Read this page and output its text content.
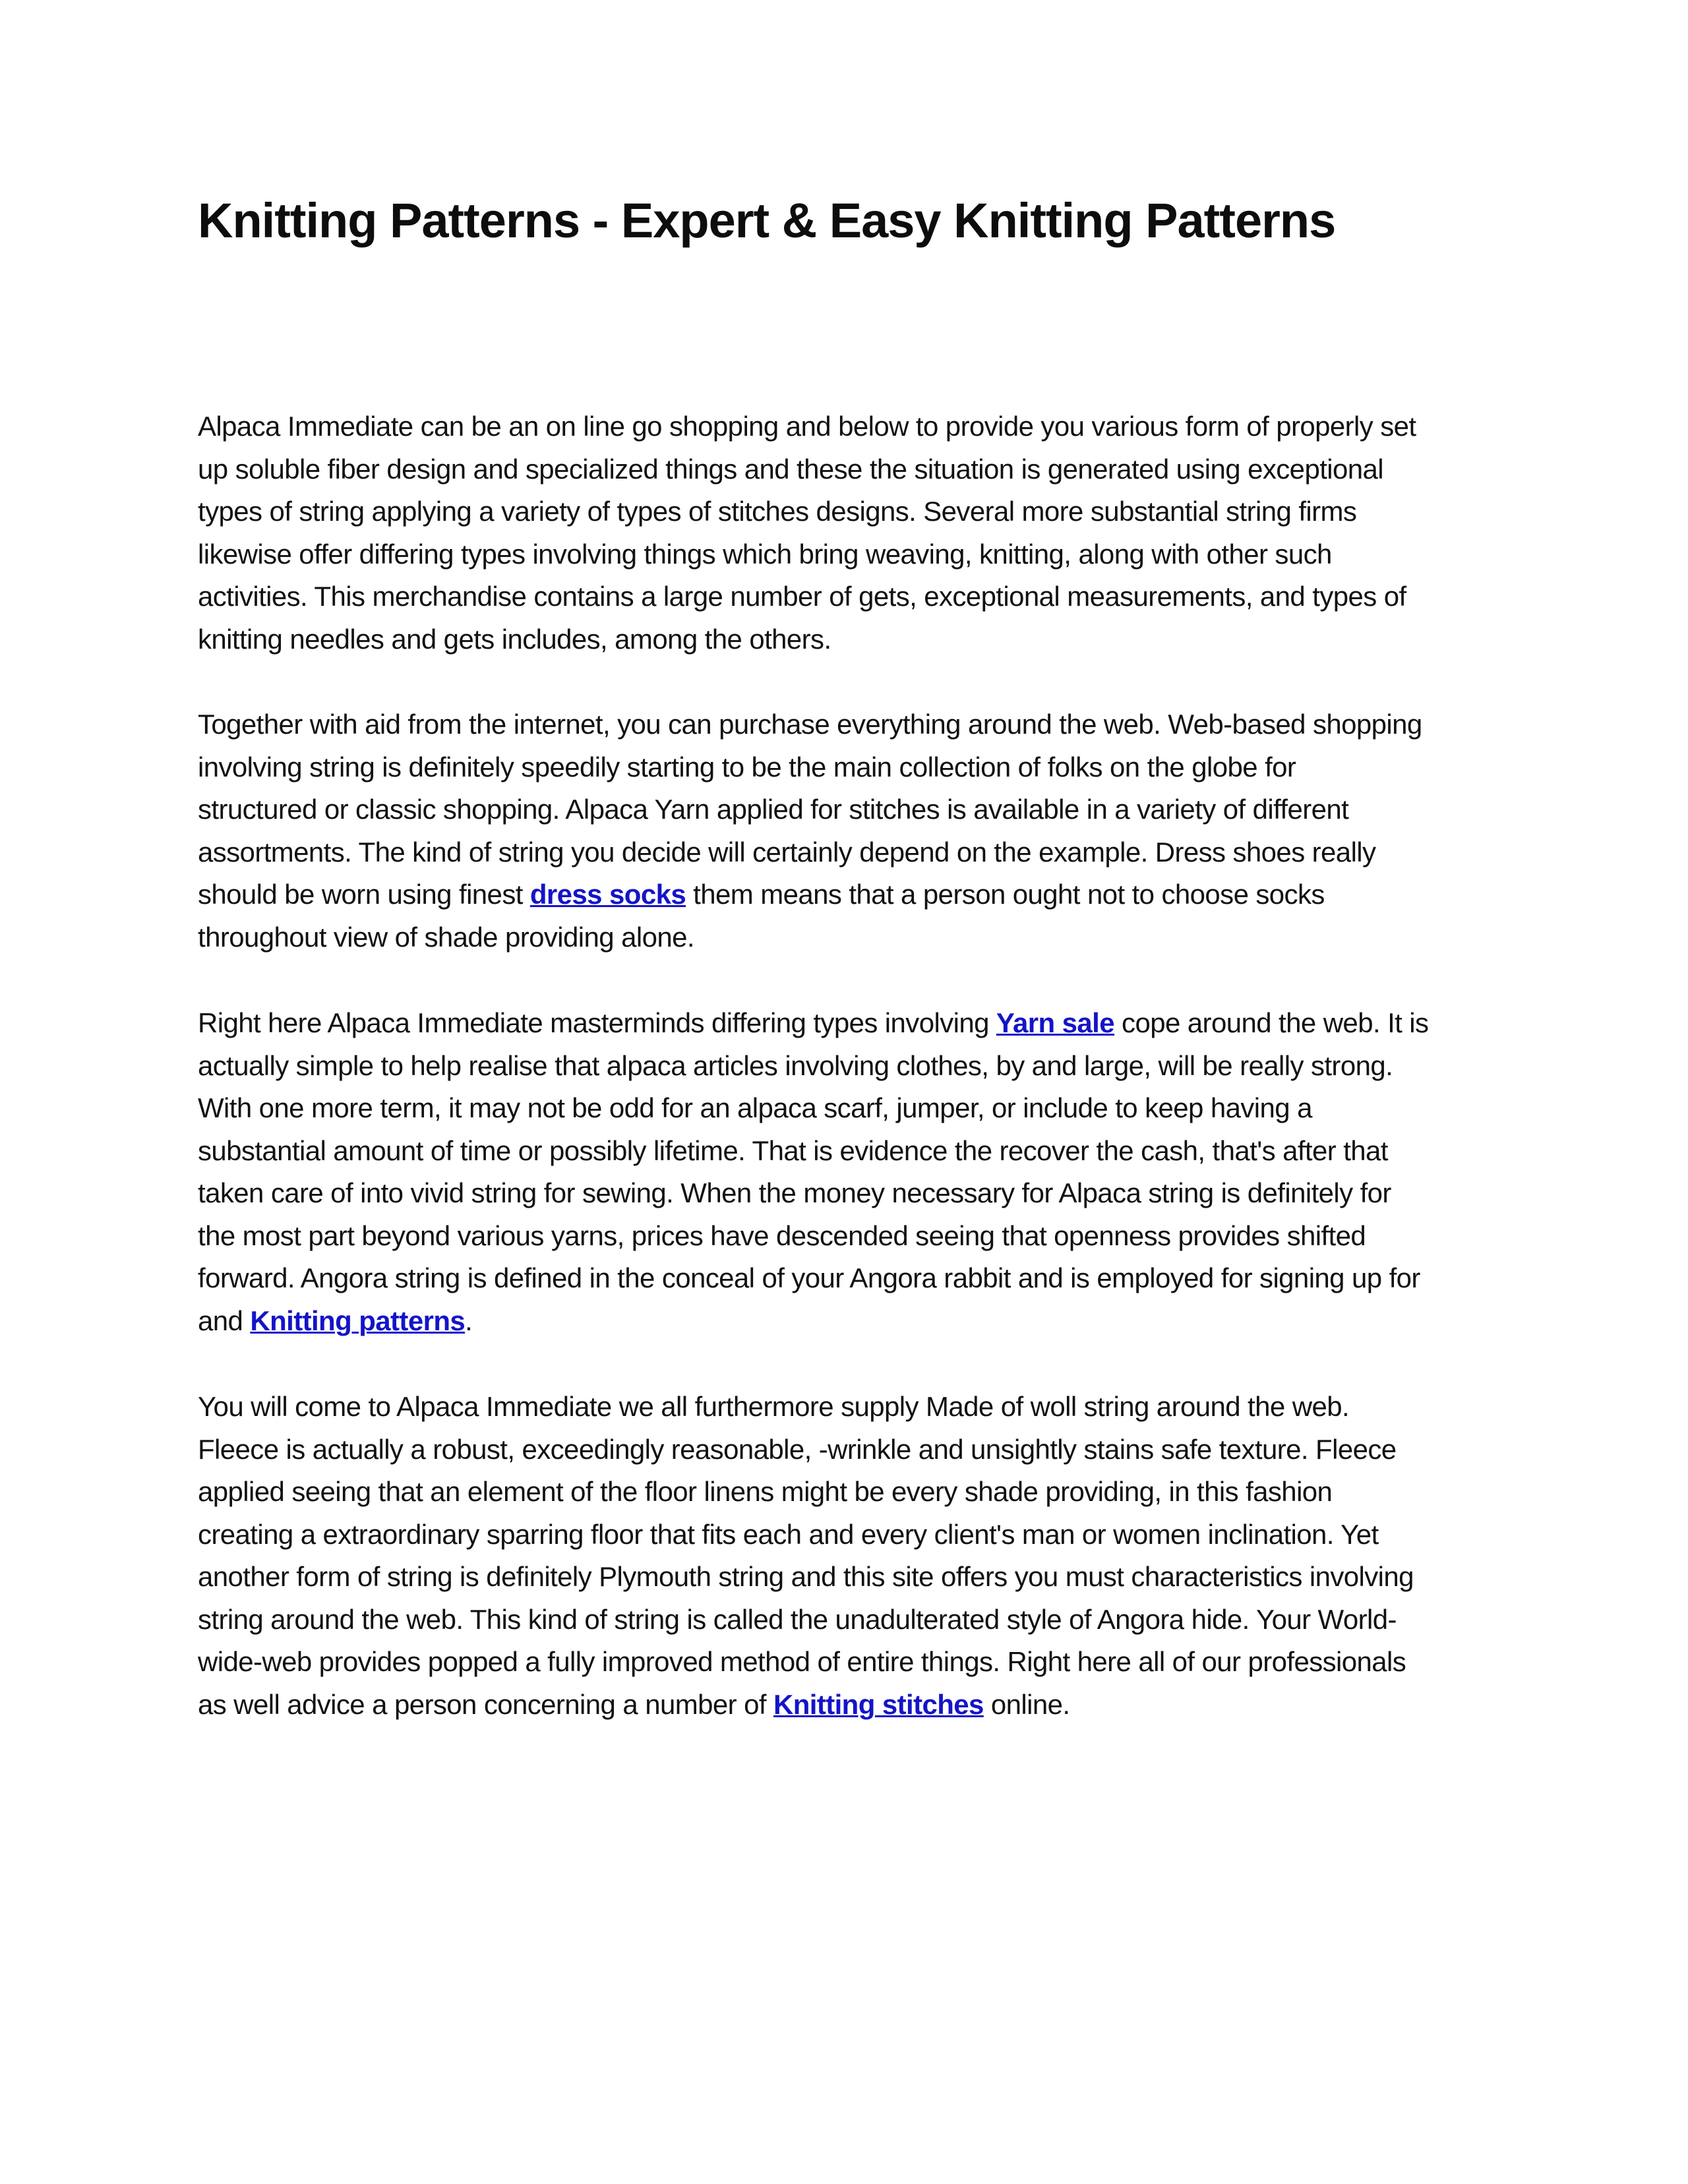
Knitting Patterns - Expert & Easy Knitting Patterns

Alpaca Immediate can be an on line go shopping and below to provide you various form of properly set
up soluble fiber design and specialized things and these the situation is generated using exceptional
types of string applying a variety of types of stitches designs. Several more substantial string firms
likewise offer differing types involving things which bring weaving, knitting, along with other such
activities. This merchandise contains a large number of gets, exceptional measurements, and types of
knitting needles and gets includes, among the others.

Together with aid from the internet, you can purchase everything around the web. Web-based shopping
involving string is definitely speedily starting to be the main collection of folks on the globe for
structured or classic shopping. Alpaca Yarn applied for stitches is available in a variety of different
assortments. The kind of string you decide will certainly depend on the example. Dress shoes really
should be worn using finest dress socks them means that a person ought not to choose socks
throughout view of shade providing alone.

Right here Alpaca Immediate masterminds differing types involving Yarn sale cope around the web. It is
actually simple to help realise that alpaca articles involving clothes, by and large, will be really strong.
With one more term, it may not be odd for an alpaca scarf, jumper, or include to keep having a
substantial amount of time or possibly lifetime. That is evidence the recover the cash, that's after that
taken care of into vivid string for sewing. When the money necessary for Alpaca string is definitely for
the most part beyond various yarns, prices have descended seeing that openness provides shifted
forward. Angora string is defined in the conceal of your Angora rabbit and is employed for signing up for
and Knitting patterns.

You will come to Alpaca Immediate we all furthermore supply Made of woll string around the web.
Fleece is actually a robust, exceedingly reasonable, -wrinkle and unsightly stains safe texture. Fleece
applied seeing that an element of the floor linens might be every shade providing, in this fashion
creating a extraordinary sparring floor that fits each and every client's man or women inclination. Yet
another form of string is definitely Plymouth string and this site offers you must characteristics involving
string around the web. This kind of string is called the unadulterated style of Angora hide. Your World-
wide-web provides popped a fully improved method of entire things. Right here all of our professionals
as well advice a person concerning a number of Knitting stitches online.
